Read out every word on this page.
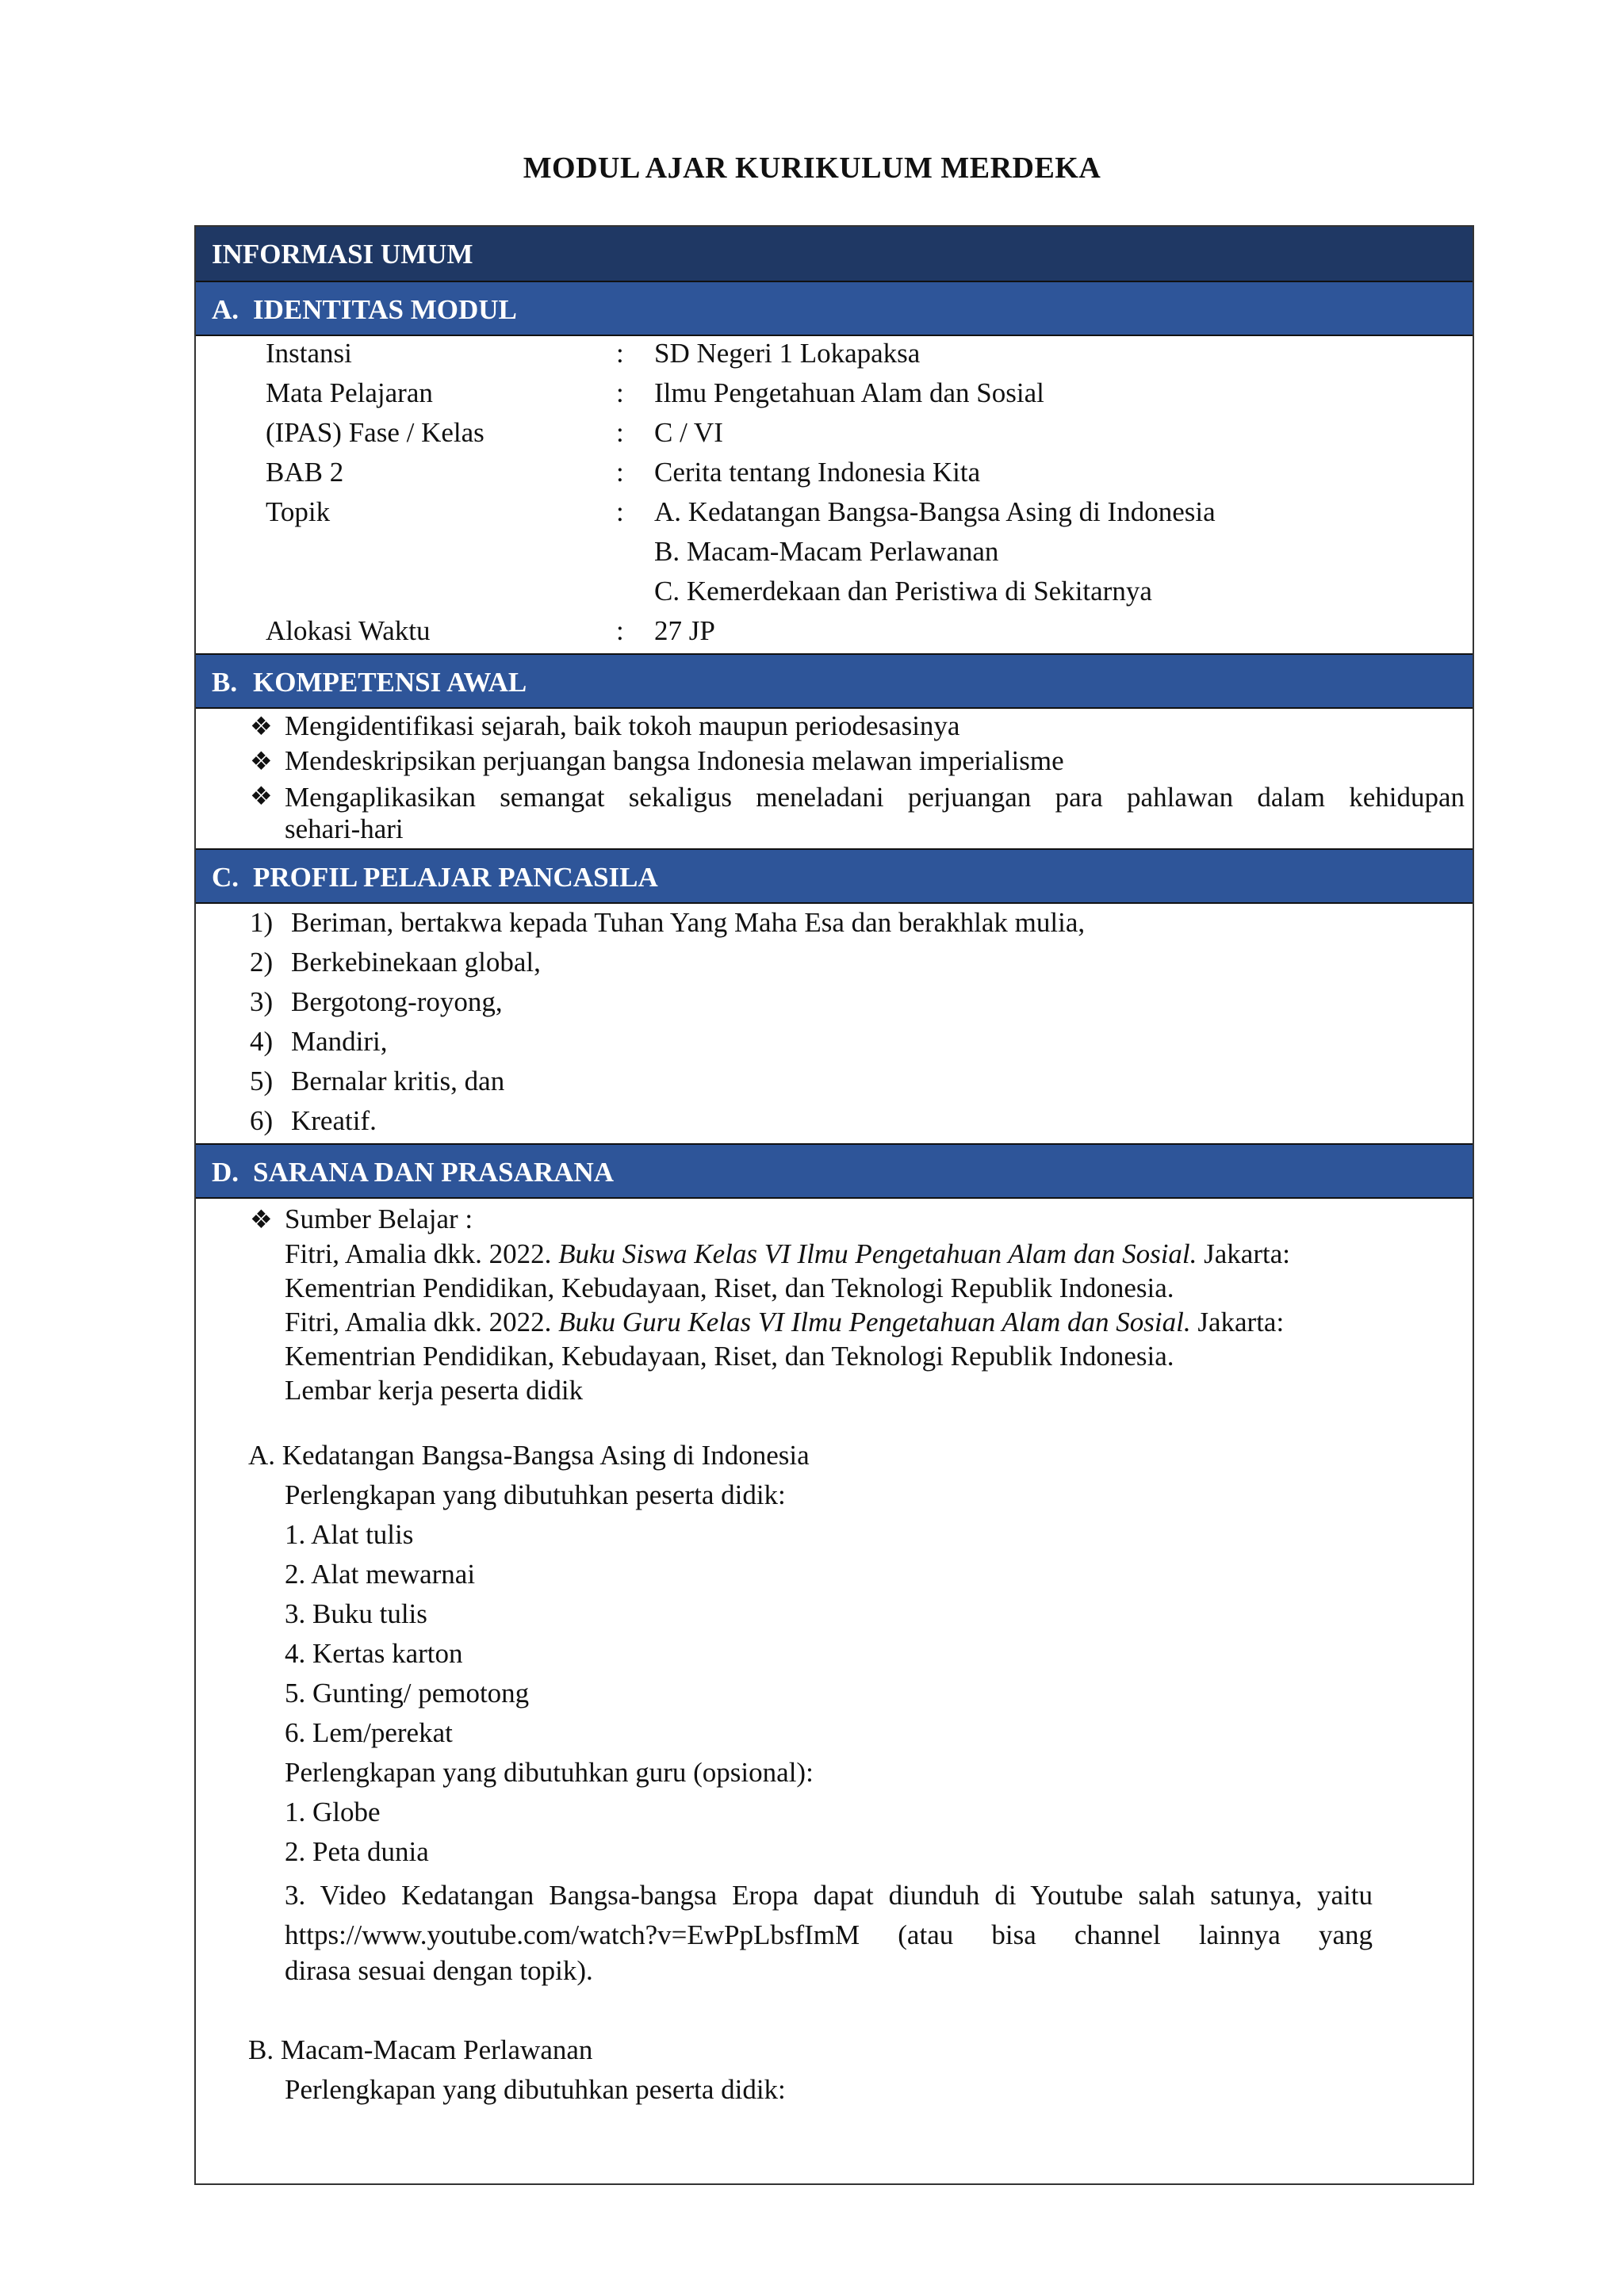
MODUL AJAR KURIKULUM MERDEKA
INFORMASI UMUM
A. IDENTITAS MODUL
Instansi	: SD Negeri 1 Lokapaksa
Mata Pelajaran	: Ilmu Pengetahuan Alam dan Sosial
(IPAS) Fase / Kelas	: C / VI
BAB 2	: Cerita tentang Indonesia Kita
Topik	: A. Kedatangan Bangsa-Bangsa Asing di Indonesia
B. Macam-Macam Perlawanan
C. Kemerdekaan dan Peristiwa di Sekitarnya
Alokasi Waktu	: 27 JP
B. KOMPETENSI AWAL
❖ Mengidentifikasi sejarah, baik tokoh maupun periodesasinya
❖ Mendeskripsikan perjuangan bangsa Indonesia melawan imperialisme
❖ Mengaplikasikan semangat sekaligus meneladani perjuangan para pahlawan dalam kehidupan
sehari-hari
C. PROFIL PELAJAR PANCASILA
1) Beriman, bertakwa kepada Tuhan Yang Maha Esa dan berakhlak mulia,
2) Berkebinekaan global,
3) Bergotong-royong,
4) Mandiri,
5) Bernalar kritis, dan
6) Kreatif.
D. SARANA DAN PRASARANA
❖ Sumber Belajar :
Fitri, Amalia dkk. 2022. Buku Siswa Kelas VI Ilmu Pengetahuan Alam dan Sosial. Jakarta:
Kementrian Pendidikan, Kebudayaan, Riset, dan Teknologi Republik Indonesia.
Fitri, Amalia dkk. 2022. Buku Guru Kelas VI Ilmu Pengetahuan Alam dan Sosial. Jakarta:
Kementrian Pendidikan, Kebudayaan, Riset, dan Teknologi Republik Indonesia.
Lembar kerja peserta didik
A. Kedatangan Bangsa-Bangsa Asing di Indonesia
Perlengkapan yang dibutuhkan peserta didik:
1. Alat tulis
2. Alat mewarnai
3. Buku tulis
4. Kertas karton
5. Gunting/ pemotong
6. Lem/perekat
Perlengkapan yang dibutuhkan guru (opsional):
1. Globe
2. Peta dunia
3. Video Kedatangan Bangsa-bangsa Eropa dapat diunduh di Youtube salah satunya, yaitu
https://www.youtube.com/watch?v=EwPpLbsfImM (atau bisa channel lainnya yang
dirasa sesuai dengan topik).
B. Macam-Macam Perlawanan
Perlengkapan yang dibutuhkan peserta didik:
